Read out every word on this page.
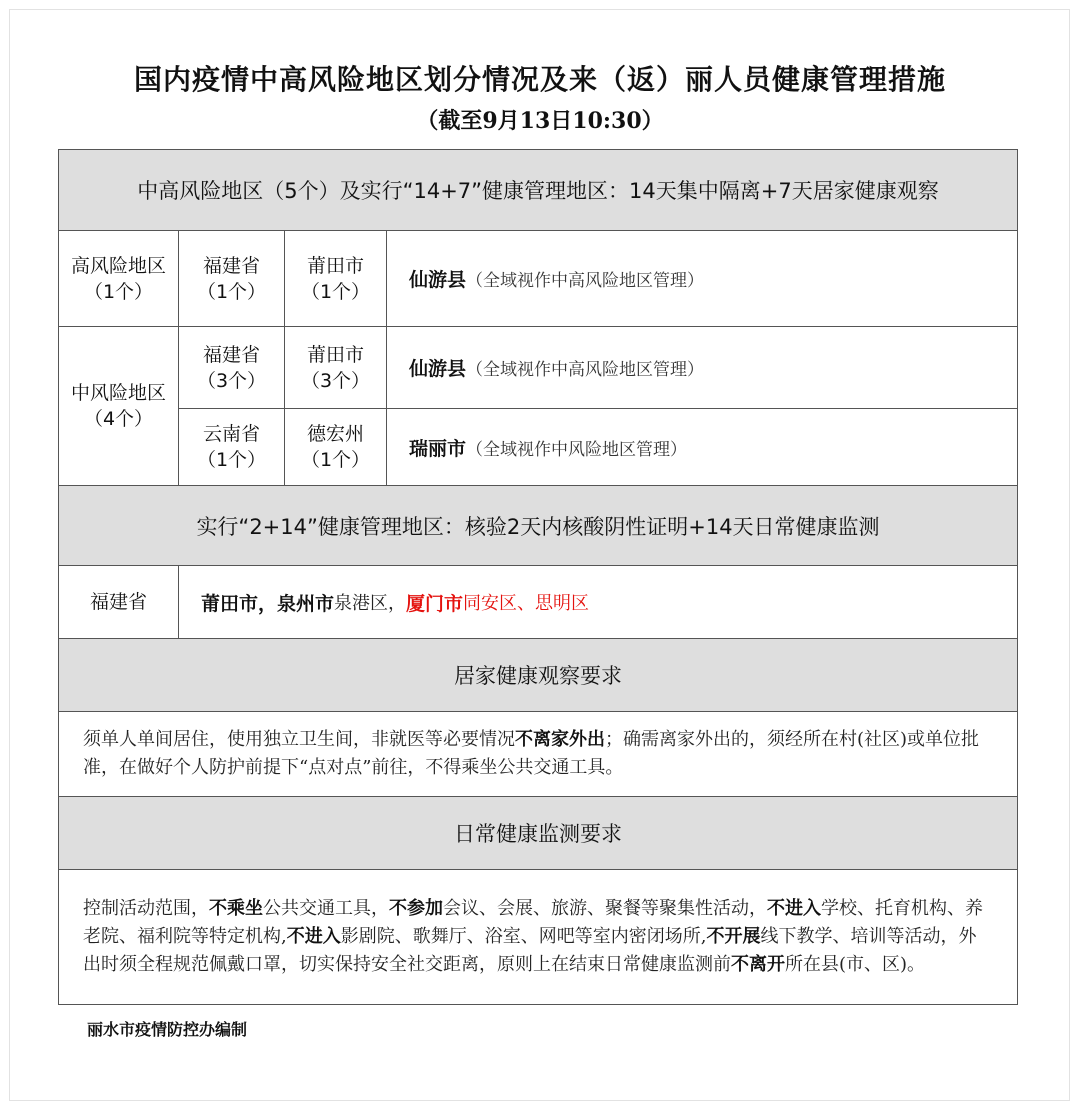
国内疫情中高风险地区划分情况及来（返）丽人员健康管理措施
（截至9月13日10:30）
中高风险地区（5个）及实行“14+7”健康管理地区：14天集中隔离+7天居家健康观察
高风险地区
（1个）
福建省
（1个）
莆田市
（1个）
仙游县 （全域视作中高风险地区管理）
中风险地区
（4个）
福建省
（3个）
莆田市
（3个）
仙游县 （全域视作中高风险地区管理）
云南省
（1个）
德宏州
（1个）
瑞丽市 （全域视作中风险地区管理）
实行“2+14”健康管理地区：核验2天内核酸阴性证明+14天日常健康监测
福建省	莆田市， 泉州市 泉港区， 厦门市 同安区、思明区
居家健康观察要求
须单人单间居住，使用独立卫生间，非就医等必要情况不离家外出；确需离家外出的，须经所在村(社区)或单位批准，在做好个人防护前提下“点对点”前往，不得乘坐公共交通工具。
日常健康监测要求
控制活动范围，不乘坐公共交通工具，不参加会议、会展、旅游、聚餐等聚集性活动，不进入学校、托育机构、养老院、福利院等特定机构,不进入影剧院、歌舞厅、浴室、网吧等室内密闭场所,不开展线下教学、培训等活动，外出时须全程规范佩戴口罩，切实保持安全社交距离，原则上在结束日常健康监测前不离开所在县(市、区)。
丽水市疫情防控办编制
